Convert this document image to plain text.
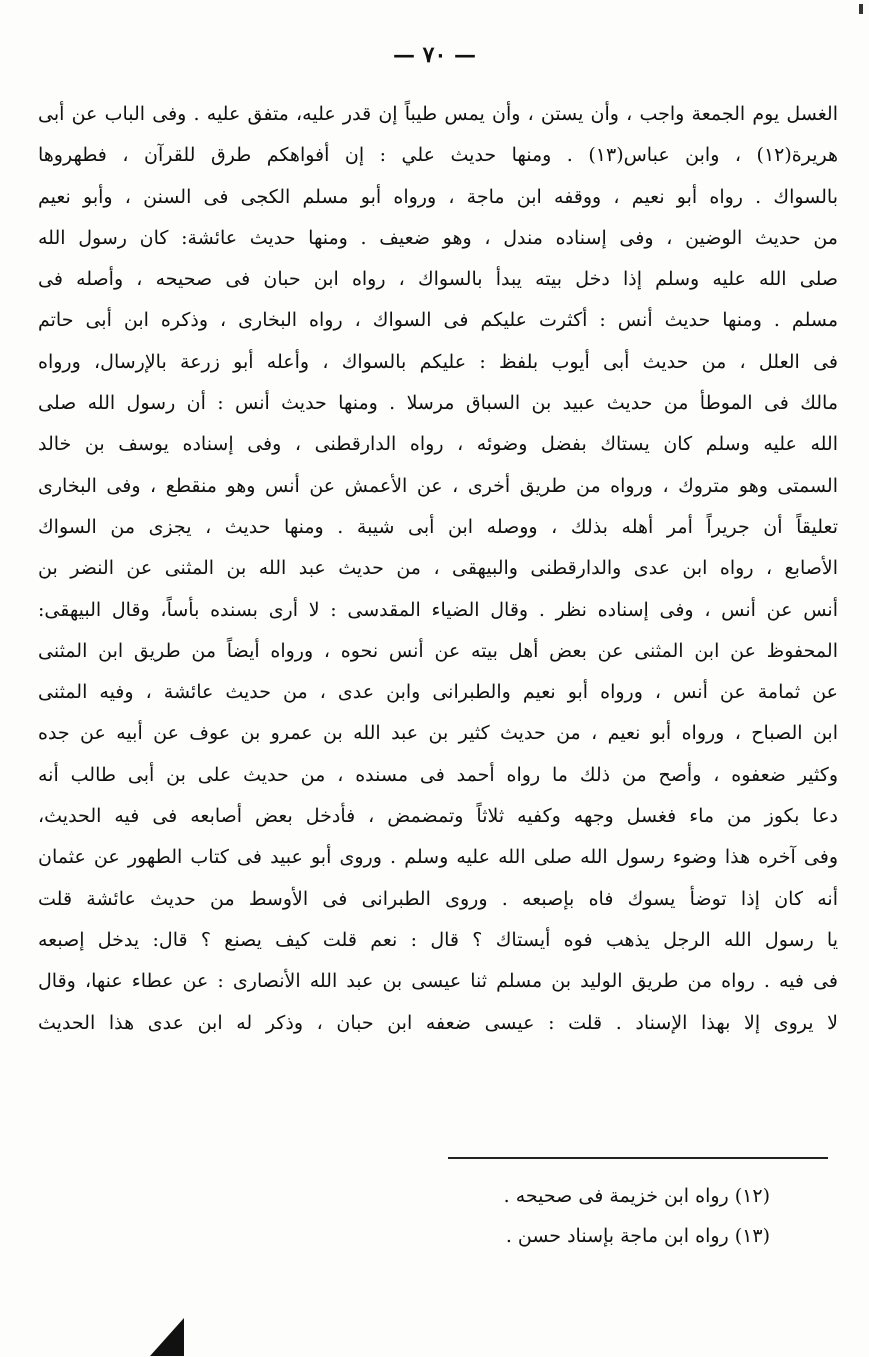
— ٧٠ —
الغسل يوم الجمعة واجب ، وأن يستن ، وأن يمس طيباً إن قدر عليه، متفق عليه . وفى الباب عن أبى
هريرة(١٢) ، وابن عباس(١٣) . ومنها حديث علي : إن أفواهكم طرق للقرآن ، فطهروها
بالسواك . رواه أبو نعيم ، ووقفه ابن ماجة ، ورواه أبو مسلم الكجى فى السنن ، وأبو نعيم
من حديث الوضين ، وفى إسناده مندل ، وهو ضعيف . ومنها حديث عائشة: كان رسول الله
صلى الله عليه وسلم إذا دخل بيته يبدأ بالسواك ، رواه ابن حبان فى صحيحه ، وأصله فى
مسلم . ومنها حديث أنس : أكثرت عليكم فى السواك ، رواه البخارى ، وذكره ابن أبى حاتم
فى العلل ، من حديث أبى أيوب بلفظ : عليكم بالسواك ، وأعله أبو زرعة بالإرسال، ورواه
مالك فى الموطأ من حديث عبيد بن السباق مرسلا . ومنها حديث أنس : أن رسول الله صلى
الله عليه وسلم كان يستاك بفضل وضوئه ، رواه الدارقطنى ، وفى إسناده يوسف بن خالد
السمتى وهو متروك ، ورواه من طريق أخرى ، عن الأعمش عن أنس وهو منقطع ، وفى البخارى
تعليقاً أن جريراً أمر أهله بذلك ، ووصله ابن أبى شيبة . ومنها حديث ، يجزى من السواك
الأصابع ، رواه ابن عدى والدارقطنى والبيهقى ، من حديث عبد الله بن المثنى عن النضر بن
أنس عن أنس ، وفى إسناده نظر . وقال الضياء المقدسى : لا أرى بسنده بأساً، وقال البيهقى:
المحفوظ عن ابن المثنى عن بعض أهل بيته عن أنس نحوه ، ورواه أيضاً من طريق ابن المثنى
عن ثمامة عن أنس ، ورواه أبو نعيم والطبرانى وابن عدى ، من حديث عائشة ، وفيه المثنى
ابن الصباح ، ورواه أبو نعيم ، من حديث كثير بن عبد الله بن عمرو بن عوف عن أبيه عن جده
وكثير ضعفوه ، وأصح من ذلك ما رواه أحمد فى مسنده ، من حديث على بن أبى طالب أنه
دعا بكوز من ماء فغسل وجهه وكفيه ثلاثاً وتمضمض ، فأدخل بعض أصابعه فى فيه الحديث،
وفى آخره هذا وضوء رسول الله صلى الله عليه وسلم . وروى أبو عبيد فى كتاب الطهور عن عثمان
أنه كان إذا توضأ يسوك فاه بإصبعه . وروى الطبرانى فى الأوسط من حديث عائشة قلت
يا رسول الله الرجل يذهب فوه أيستاك ؟ قال : نعم قلت كيف يصنع ؟ قال: يدخل إصبعه
فى فيه . رواه من طريق الوليد بن مسلم ثنا عيسى بن عبد الله الأنصارى : عن عطاء عنها، وقال
لا يروى إلا بهذا الإسناد . قلت : عيسى ضعفه ابن حبان ، وذكر له ابن عدى هذا الحديث
(١٢) رواه ابن خزيمة فى صحيحه .
(١٣) رواه ابن ماجة بإسناد حسن .
